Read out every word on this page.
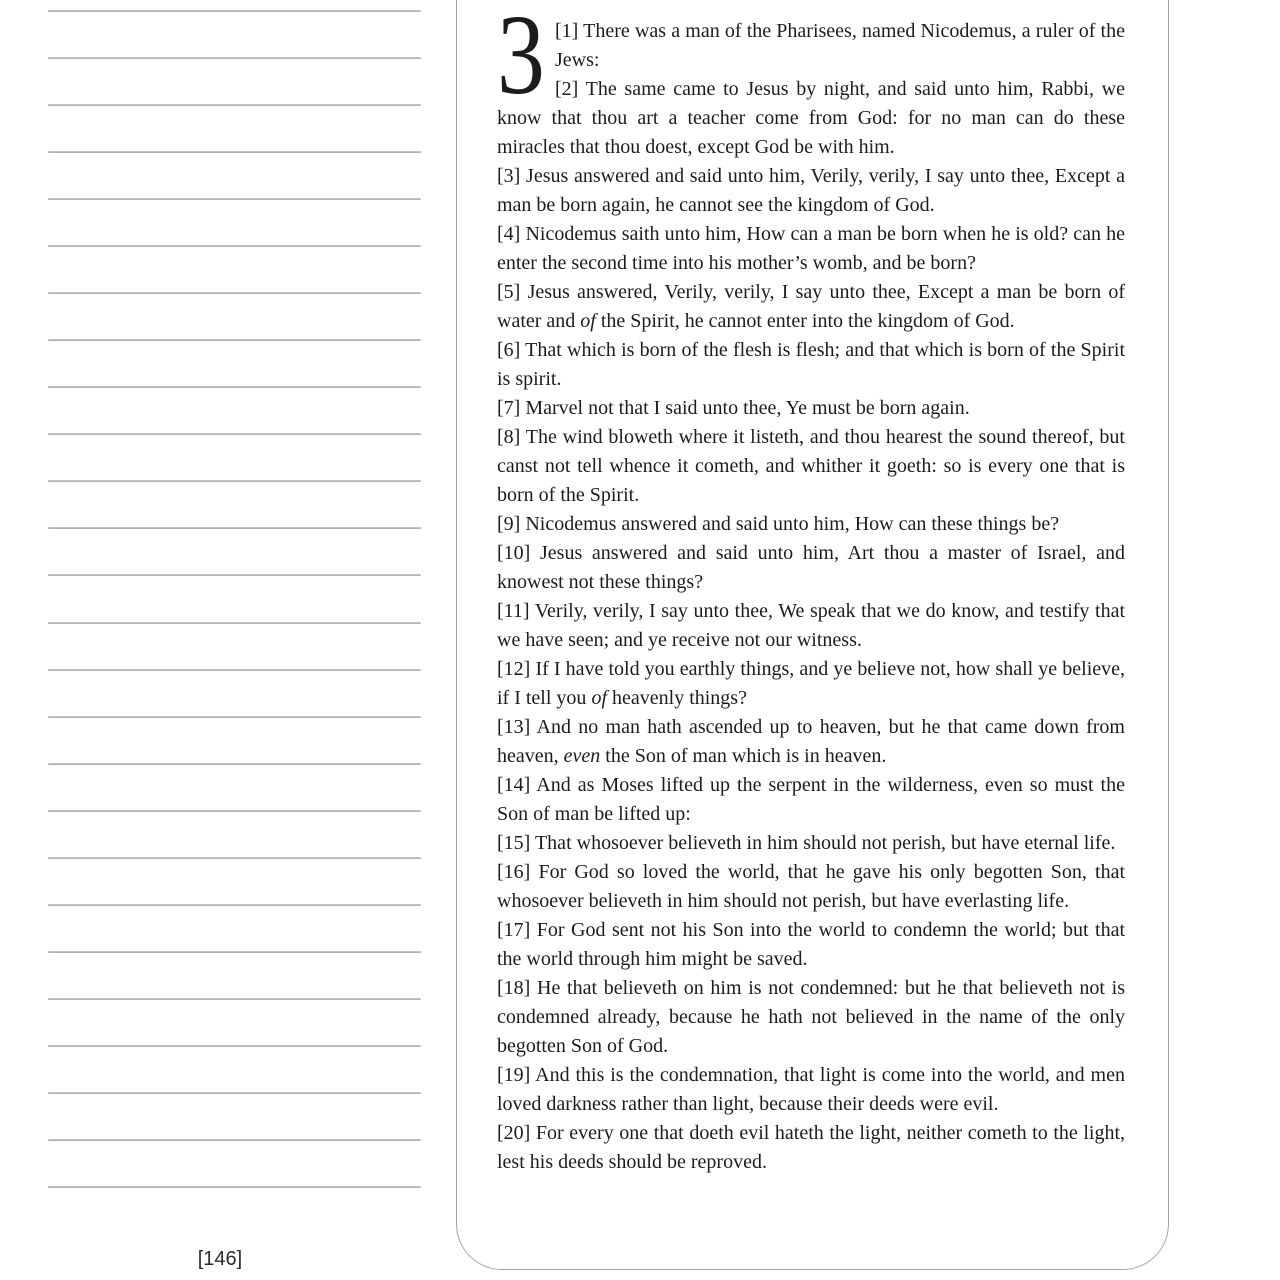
[146]
3 [1] There was a man of the Pharisees, named Nicodemus, a ruler of the Jews:

[2] The same came to Jesus by night, and said unto him, Rabbi, we know that thou art a teacher come from God: for no man can do these miracles that thou doest, except God be with him.

[3] Jesus answered and said unto him, Verily, verily, I say unto thee, Except a man be born again, he cannot see the kingdom of God.

[4] Nicodemus saith unto him, How can a man be born when he is old? can he enter the second time into his mother’s womb, and be born?

[5] Jesus answered, Verily, verily, I say unto thee, Except a man be born of water and of the Spirit, he cannot enter into the kingdom of God.

[6] That which is born of the flesh is flesh; and that which is born of the Spirit is spirit.

[7] Marvel not that I said unto thee, Ye must be born again.

[8] The wind bloweth where it listeth, and thou hearest the sound thereof, but canst not tell whence it cometh, and whither it goeth: so is every one that is born of the Spirit.

[9] Nicodemus answered and said unto him, How can these things be?

[10] Jesus answered and said unto him, Art thou a master of Israel, and knowest not these things?

[11] Verily, verily, I say unto thee, We speak that we do know, and testify that we have seen; and ye receive not our witness.

[12] If I have told you earthly things, and ye believe not, how shall ye believe, if I tell you of heavenly things?

[13] And no man hath ascended up to heaven, but he that came down from heaven, even the Son of man which is in heaven.

[14] And as Moses lifted up the serpent in the wilderness, even so must the Son of man be lifted up:

[15] That whosoever believeth in him should not perish, but have eternal life.

[16] For God so loved the world, that he gave his only begotten Son, that whosoever believeth in him should not perish, but have everlasting life.

[17] For God sent not his Son into the world to condemn the world; but that the world through him might be saved.

[18] He that believeth on him is not condemned: but he that believeth not is condemned already, because he hath not believed in the name of the only begotten Son of God.

[19] And this is the condemnation, that light is come into the world, and men loved darkness rather than light, because their deeds were evil.

[20] For every one that doeth evil hateth the light, neither cometh to the light, lest his deeds should be reproved.
